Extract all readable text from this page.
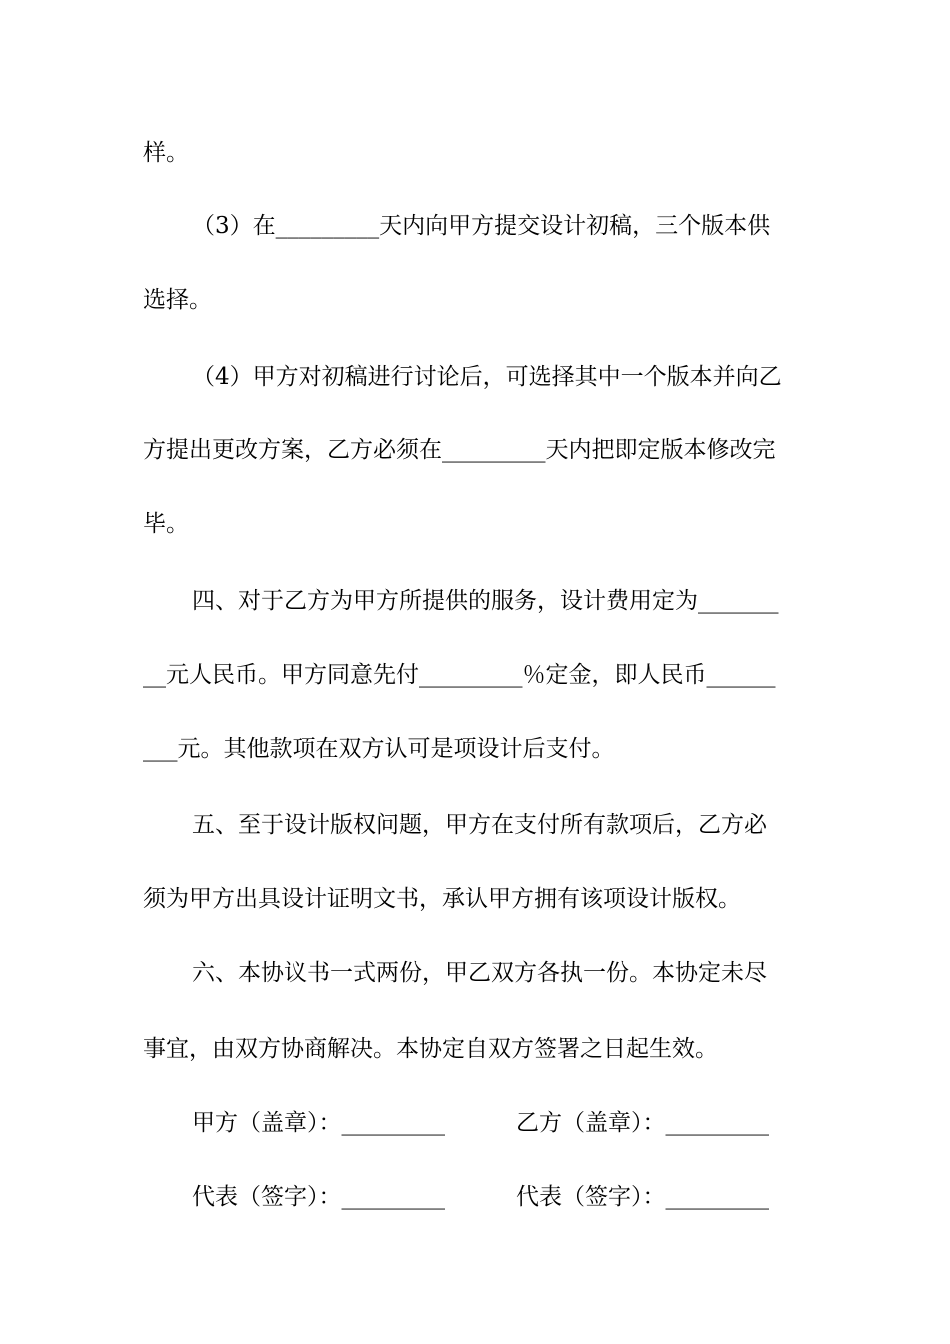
样。
（3）在_________天内向甲方提交设计初稿，三个版本供
选择。
（4）甲方对初稿进行讨论后，可选择其中一个版本并向乙
方提出更改方案，乙方必须在_________天内把即定版本修改完
毕。
四、对于乙方为甲方所提供的服务，设计费用定为_______
__元人民币。甲方同意先付_________％定金，即人民币______
___元。其他款项在双方认可是项设计后支付。
五、至于设计版权问题，甲方在支付所有款项后，乙方必
须为甲方出具设计证明文书，承认甲方拥有该项设计版权。
六、本协议书一式两份，甲乙双方各执一份。本协定未尽
事宜，由双方协商解决。本协定自双方签署之日起生效。
甲方（盖章）：_________	乙方（盖章）：_________
代表（签字）：_________	代表（签字）：_________
